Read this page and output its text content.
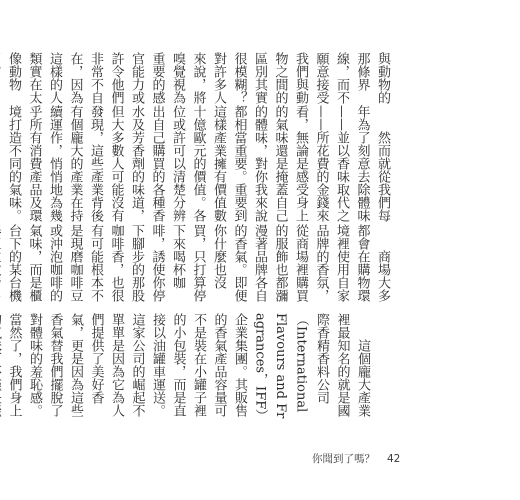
與動物的那條界線，而不願意接受我們與動物之間的區別其實很模糊？對許多人來說，將嗅覺視為重要的感官能力或許令他們非常不自在，因為這樣的人類實在太像動物

然而就從我們每年為了刻意去除體味——並以香味取代之——所花費的金錢來看，無論是感受身上的氣味還是掩蓋自己的體味，對你我來說都相當重要。重要到這樣產業擁有價值數十億歐元的價值。各位或許可以清楚分辨出自己購買的各種香水及芳香劑的味道，但大多數人可能沒有發現，這些產業背後有個龐大的產業在持續運作，悄悄地為幾乎所有消費產品及環境打造不同的氣味。

商場大多都會在購物環境裡使用自家品牌的香氛，從商場裡購買的服飾也都瀰漫著品牌各自的香氣。即便你什麼也沒買，只打算停下來喝杯咖啡，誘使你停下腳步的那股咖啡香，也很有可能根本不是現磨咖啡豆或沖泡咖啡的氣味，而是櫃台下的某台機

這個龐大產業裡最知名的就是國際香精香料公司（International Flavours and Fragrances，IFF）企業集團。其販售的香氣產品容量可不是裝在小罐子裡的小包裝，而是直接以油罐車運送。這家公司的崛起不單單是因為它為人們提供了美好香氣，更是因為這些香氣替我們擺脫了對體味的羞恥感。當然了，我們身上

你聞到了嗎？ 42
